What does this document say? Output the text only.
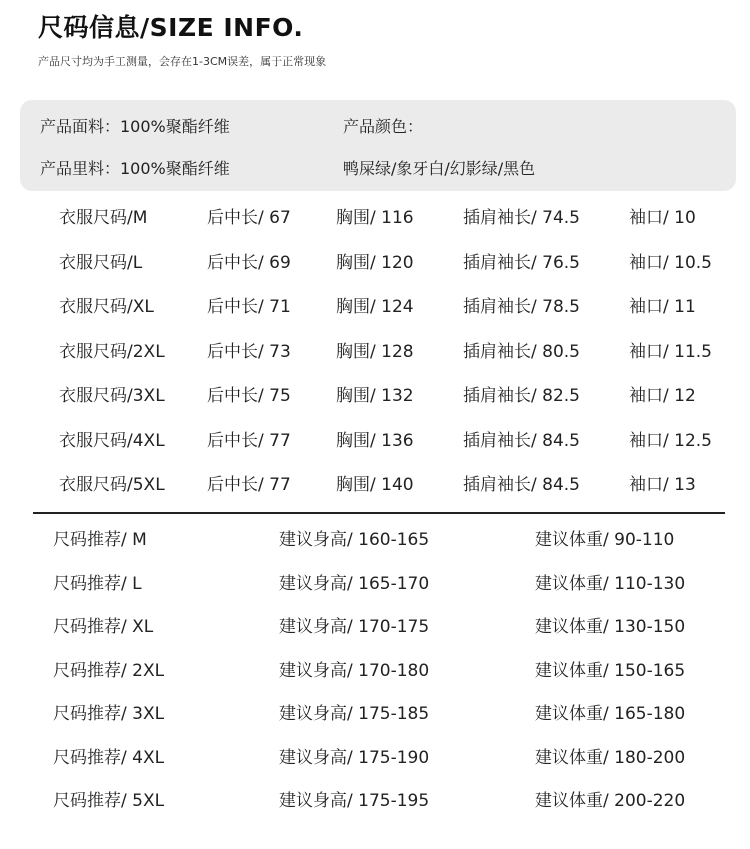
尺码信息/SIZE INFO.
产品尺寸均为手工测量，会存在1-3CM误差，属于正常现象
产品面料：100%聚酯纤维	产品颜色：
产品里料：100%聚酯纤维	鸭屎绿/象牙白/幻影绿/黑色
衣服尺码/M	后中长/ 67	胸围/ 116	插肩袖长/ 74.5	袖口/ 10
衣服尺码/L	后中长/ 69	胸围/ 120	插肩袖长/ 76.5	袖口/ 10.5
衣服尺码/XL	后中长/ 71	胸围/ 124	插肩袖长/ 78.5	袖口/ 11
衣服尺码/2XL 后中长/ 73	胸围/ 128	插肩袖长/ 80.5	袖口/ 11.5
衣服尺码/3XL 后中长/ 75	胸围/ 132	插肩袖长/ 82.5	袖口/ 12
衣服尺码/4XL 后中长/ 77	胸围/ 136	插肩袖长/ 84.5	袖口/ 12.5
衣服尺码/5XL 后中长/ 77	胸围/ 140	插肩袖长/ 84.5	袖口/ 13
尺码推荐/ M	建议身高/ 160-165	建议体重/ 90-110
尺码推荐/ L	建议身高/ 165-170	建议体重/ 110-130
尺码推荐/ XL	建议身高/ 170-175	建议体重/ 130-150
尺码推荐/ 2XL	建议身高/ 170-180	建议体重/ 150-165
尺码推荐/ 3XL	建议身高/ 175-185	建议体重/ 165-180
尺码推荐/ 4XL	建议身高/ 175-190	建议体重/ 180-200
尺码推荐/ 5XL	建议身高/ 175-195	建议体重/ 200-220
